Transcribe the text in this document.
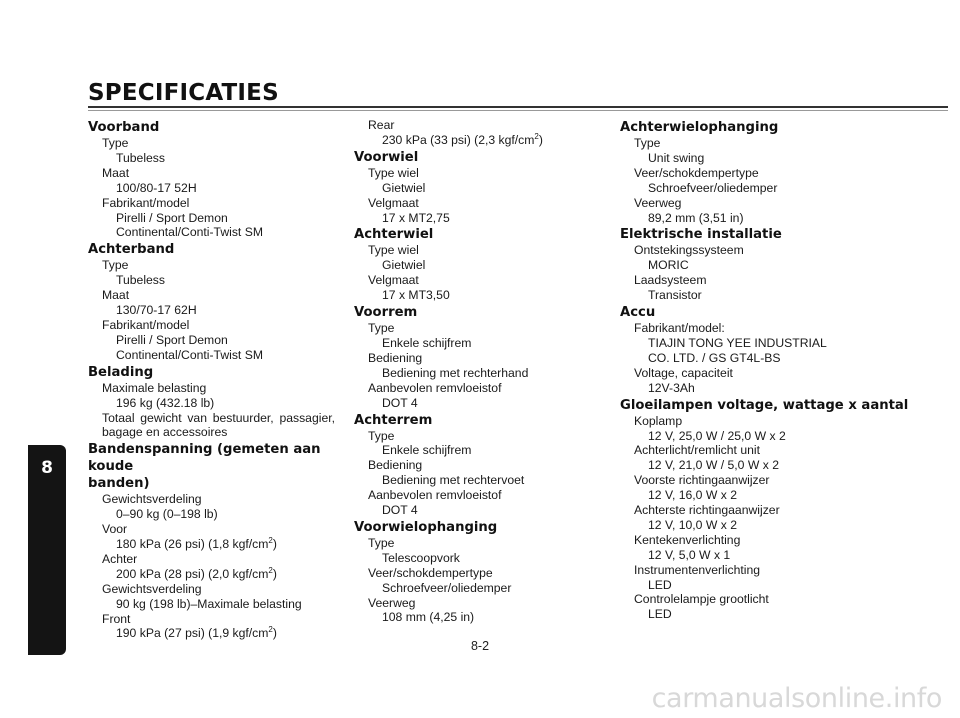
SPECIFICATIES
8
Voorband
Type
Tubeless
Maat
100/80-17 52H
Fabrikant/model
Pirelli / Sport Demon
Continental/Conti-Twist SM
Achterband
Type
Tubeless
Maat
130/70-17 62H
Fabrikant/model
Pirelli / Sport Demon
Continental/Conti-Twist SM
Belading
Maximale belasting
196 kg (432.18 lb)
Totaal gewicht van bestuurder, passagier,
bagage en accessoires
Bandenspanning (gemeten aan koude
banden)
Gewichtsverdeling
0–90 kg (0–198 lb)
Voor
180 kPa (26 psi) (1,8 kgf/$cm^2$)
Achter
200 kPa (28 psi) (2,0 kgf/$cm^2$)
Gewichtsverdeling
90 kg (198 lb)–Maximale belasting
Front
190 kPa (27 psi) (1,9 kgf/$cm^2$)
Rear
230 kPa (33 psi) (2,3 kgf/$cm^2$)
Voorwiel
Type wiel
Gietwiel
Velgmaat
17 x MT2,75
Achterwiel
Type wiel
Gietwiel
Velgmaat
17 x MT3,50
Voorrem
Type
Enkele schijfrem
Bediening
Bediening met rechterhand
Aanbevolen remvloeistof
DOT 4
Achterrem
Type
Enkele schijfrem
Bediening
Bediening met rechtervoet
Aanbevolen remvloeistof
DOT 4
Voorwielophanging
Type
Telescoopvork
Veer/schokdempertype
Schroefveer/oliedemper
Veerweg
108 mm (4,25 in)
Achterwielophanging
Type
Unit swing
Veer/schokdempertype
Schroefveer/oliedemper
Veerweg
89,2 mm (3,51 in)
Elektrische installatie
Ontstekingssysteem
MORIC
Laadsysteem
Transistor
Accu
Fabrikant/model:
TIAJIN TONG YEE INDUSTRIAL
CO. LTD. / GS GT4L-BS
Voltage, capaciteit
12V-3Ah
Gloeilampen voltage, wattage x aantal
Koplamp
12 V, 25,0 W / 25,0 W x 2
Achterlicht/remlicht unit
12 V, 21,0 W / 5,0 W x 2
Voorste richtingaanwijzer
12 V, 16,0 W x 2
Achterste richtingaanwijzer
12 V, 10,0 W x 2
Kentekenverlichting
12 V, 5,0 W x 1
Instrumentenverlichting
LED
Controlelampje grootlicht
LED
8-2
carmanualsonline.info
